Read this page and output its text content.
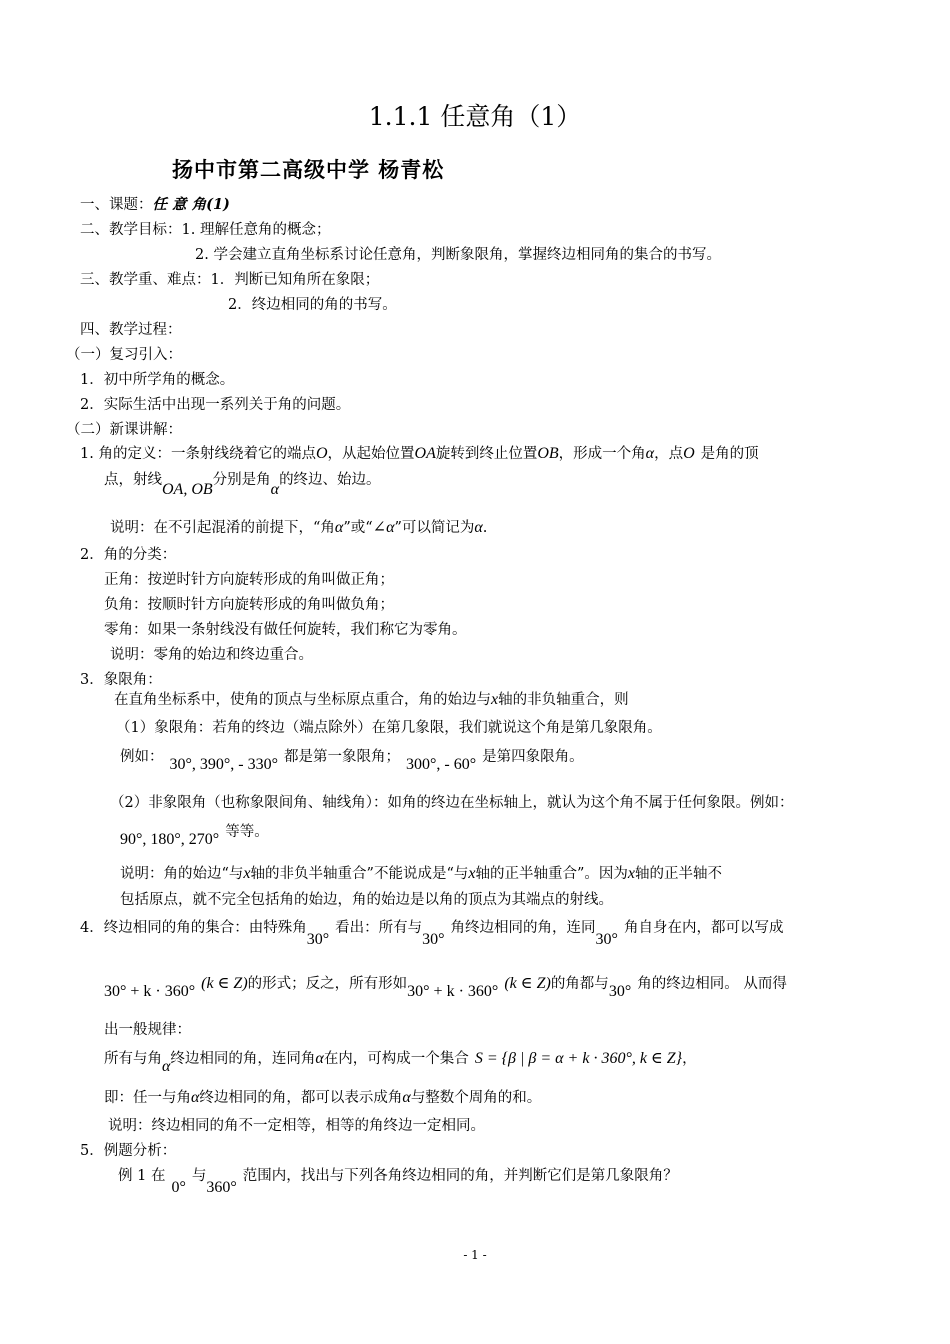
1.1.1 任意角（1）
扬中市第二高级中学 杨青松
一、课题：任 意 角(1)
二、教学目标：1. 理解任意角的概念；
2. 学会建立直角坐标系讨论任意角，判断象限角，掌握终边相同角的集合的书写。
三、教学重、难点：1．判断已知角所在象限；
2．终边相同的角的书写。
四、教学过程：
（一）复习引入：
1．初中所学角的概念。
2．实际生活中出现一系列关于角的问题。
（二）新课讲解：
1. 角的定义：一条射线绕着它的端点O，从起始位置OA旋转到终止位置OB，形成一个角α，点O 是角的顶
点，射线OA, OB分别是角α的终边、始边。
说明：在不引起混淆的前提下，“角α”或“∠α”可以简记为α.
2．角的分类：
正角：按逆时针方向旋转形成的角叫做正角；
负角：按顺时针方向旋转形成的角叫做负角；
零角：如果一条射线没有做任何旋转，我们称它为零角。
说明：零角的始边和终边重合。
3．象限角：
在直角坐标系中，使角的顶点与坐标原点重合，角的始边与x轴的非负轴重合，则
（1）象限角：若角的终边（端点除外）在第几象限，我们就说这个角是第几象限角。
例如： 30°, 390°, - 330° 都是第一象限角； 300°, - 60° 是第四象限角。
（2）非象限角（也称象限间角、轴线角）：如角的终边在坐标轴上，就认为这个角不属于任何象限。例如：
90°, 180°, 270° 等等。
说明：角的始边“与x轴的非负半轴重合”不能说成是“与x轴的正半轴重合”。因为x轴的正半轴不
包括原点，就不完全包括角的始边，角的始边是以角的顶点为其端点的射线。
4．终边相同的角的集合：由特殊角30°看出：所有与30°角终边相同的角，连同30°角自身在内，都可以写成
30° + k · 360° (k ∈ Z)的形式；反之，所有形如30° + k · 360° (k ∈ Z)的角都与30° 角的终边相同。 从而得
出一般规律：
所有与角α终边相同的角，连同角α在内，可构成一个集合 S = {β | β = α + k · 360°, k ∈ Z}，
即：任一与角α终边相同的角，都可以表示成角α与整数个周角的和。
说明：终边相同的角不一定相等，相等的角终边一定相同。
5．例题分析：
例 1 在0°与360°范围内，找出与下列各角终边相同的角，并判断它们是第几象限角？
- 1 -
